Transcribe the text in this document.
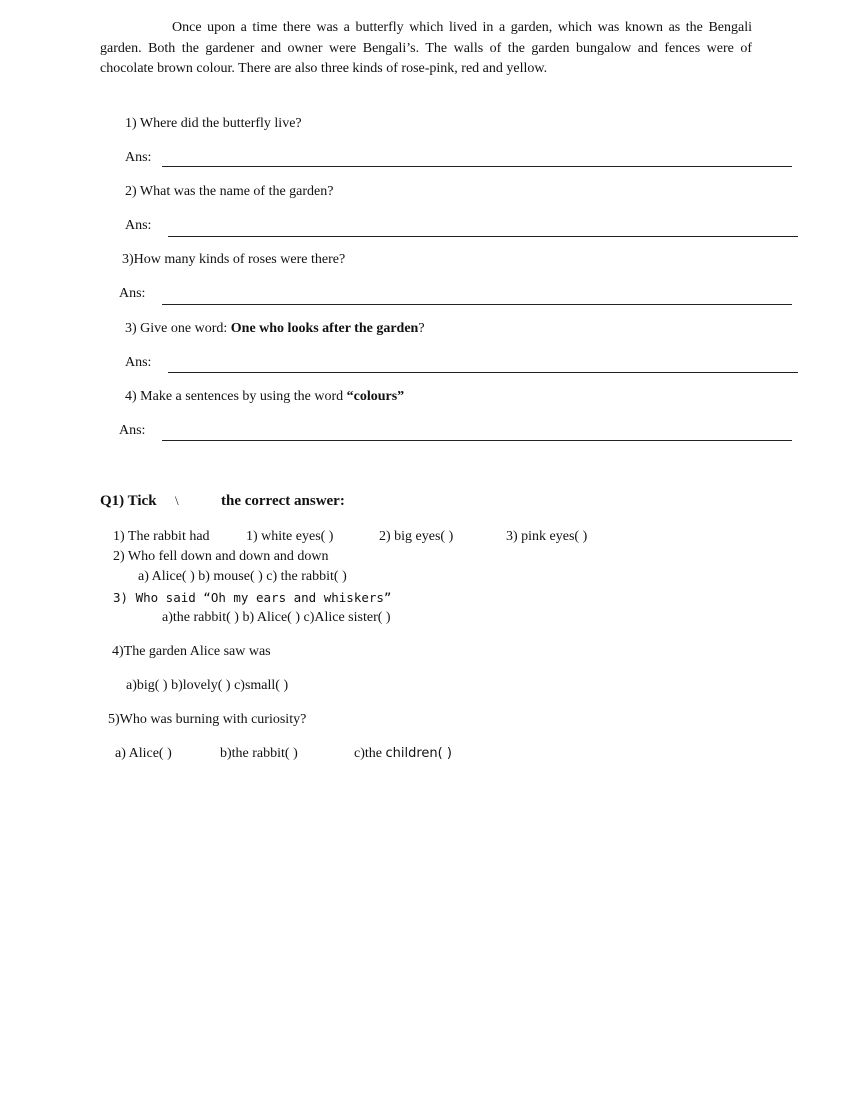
Once upon a time there was a butterfly which lived in a garden, which was known as the Bengali garden. Both the gardener and owner were Bengali’s. The walls of the garden bungalow and fences were of chocolate brown colour. There are also three kinds of rose-pink, red and yellow.
1) Where did the butterfly live?
Ans:
2) What was the name of the garden?
Ans:
3)How many kinds of roses were there?
Ans:
3) Give one word: One who looks after the garden?
Ans:
4) Make a sentences by using the word “colours”
Ans:
Q1) Tick \	the correct answer:
1) The rabbit had	1) white eyes( )	2) big eyes( )	3) pink eyes( )
2) Who fell down and down and down
a) Alice( ) b) mouse( ) c) the rabbit( )
3) Who said “Oh my ears and whiskers”
a)the rabbit( ) b) Alice( ) c)Alice sister( )
4)The garden Alice saw was
a)big( ) b)lovely( ) c)small( )
5)Who was burning with curiosity?
a) Alice( )	b)the rabbit( )	c)the children( )
